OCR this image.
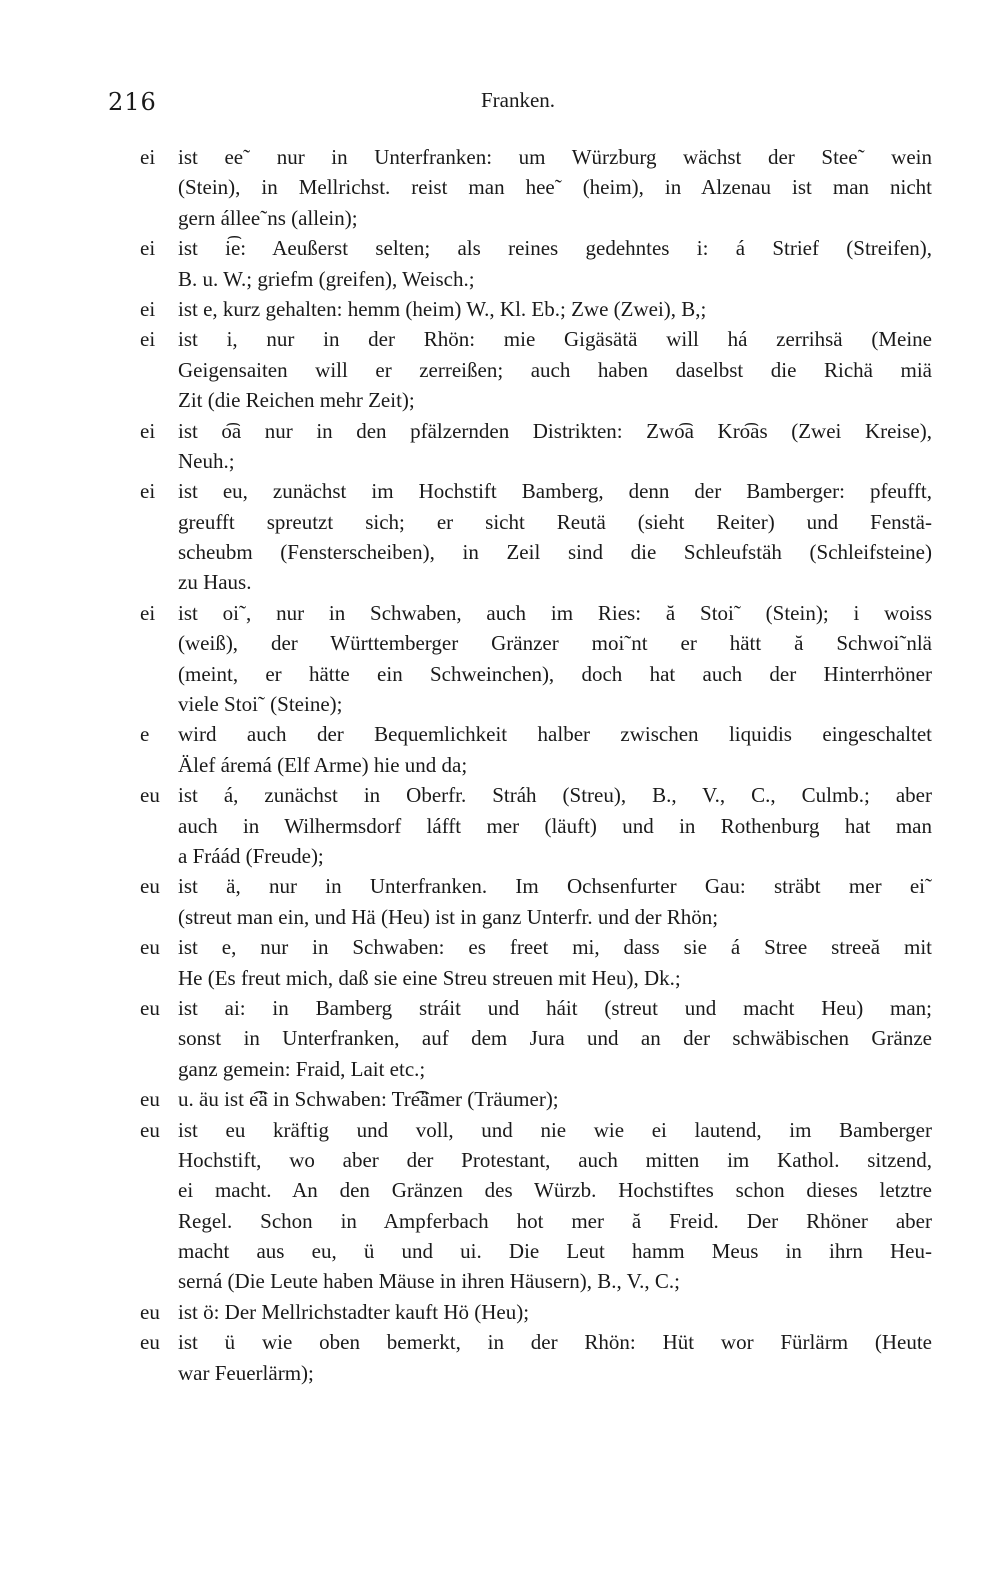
216	Franken.
ei	ist ee˜ nur in Unterfranken: um Würzburg wächst der Stee˜ wein
(Stein), in Mellrichst. reist man hee˜ (heim), in Alzenau ist man nicht
gern állee˜ns (allein);
ei	ist i͡e: Aeußerst selten; als reines gedehntes i: á Strief (Streifen),
B. u. W.; griefm (greifen), Weisch.;
ei	ist e, kurz gehalten: hemm (heim) W., Kl. Eb.; Zwe (Zwei), B,;
ei	ist i, nur in der Rhön: mie Gigäsätä will há zerrihsä (Meine
Geigensaiten will er zerreißen; auch haben daselbst die Richä miä
Zit (die Reichen mehr Zeit);
ei	ist o͡a nur in den pfälzernden Distrikten: Zwo͡a Kro͡as (Zwei Kreise),
Neuh.;
ei	ist eu, zunächst im Hochstift Bamberg, denn der Bamberger: pfeufft,
greufft spreutzt sich; er sicht Reutä (sieht Reiter) und Fenstä-
scheubm (Fensterscheiben), in Zeil sind die Schleufstäh (Schleifsteine)
zu Haus.
ei	ist oi˜, nur in Schwaben, auch im Ries: ă Stoi˜ (Stein); i woiss
(weiß), der Württemberger Gränzer moi˜nt er hätt ă Schwoi˜nlä
(meint, er hätte ein Schweinchen), doch hat auch der Hinterrhöner
viele Stoi˜ (Steine);
e	wird auch der Bequemlichkeit halber zwischen liquidis eingeschaltet
Älef áremá (Elf Arme) hie und da;
eu ist á, zunächst in Oberfr. Stráh (Streu), B., V., C., Culmb.; aber
auch in Wilhermsdorf láfft mer (läuft) und in Rothenburg hat man
a Fráád (Freude);
eu ist ä, nur in Unterfranken. Im Ochsenfurter Gau: sträbt mer ei˜
(streut man ein, und Hä (Heu) ist in ganz Unterfr. und der Rhön;
eu ist e, nur in Schwaben: es freet mi, dass sie á Stree streeă mit
He (Es freut mich, daß sie eine Streu streuen mit Heu), Dk.;
eu ist ai: in Bamberg stráit und háit (streut und macht Heu) man;
sonst in Unterfranken, auf dem Jura und an der schwäbischen Gränze
ganz gemein: Fraid, Lait etc.;
eu u. äu ist e͡ä in Schwaben: Tre͡ämer (Träumer);
eu ist eu kräftig und voll, und nie wie ei lautend, im Bamberger
Hochstift, wo aber der Protestant, auch mitten im Kathol. sitzend,
ei macht. An den Gränzen des Würzb. Hochstiftes schon dieses letztre
Regel. Schon in Ampferbach hot mer ă Freid. Der Rhöner aber
macht aus eu, ü und ui. Die Leut hamm Meus in ihrn Heu-
serná (Die Leute haben Mäuse in ihren Häusern), B., V., C.;
eu ist ö: Der Mellrichstadter kauft Hö (Heu);
eu ist ü wie oben bemerkt, in der Rhön: Hüt wor Fürlärm (Heute
war Feuerlärm);
